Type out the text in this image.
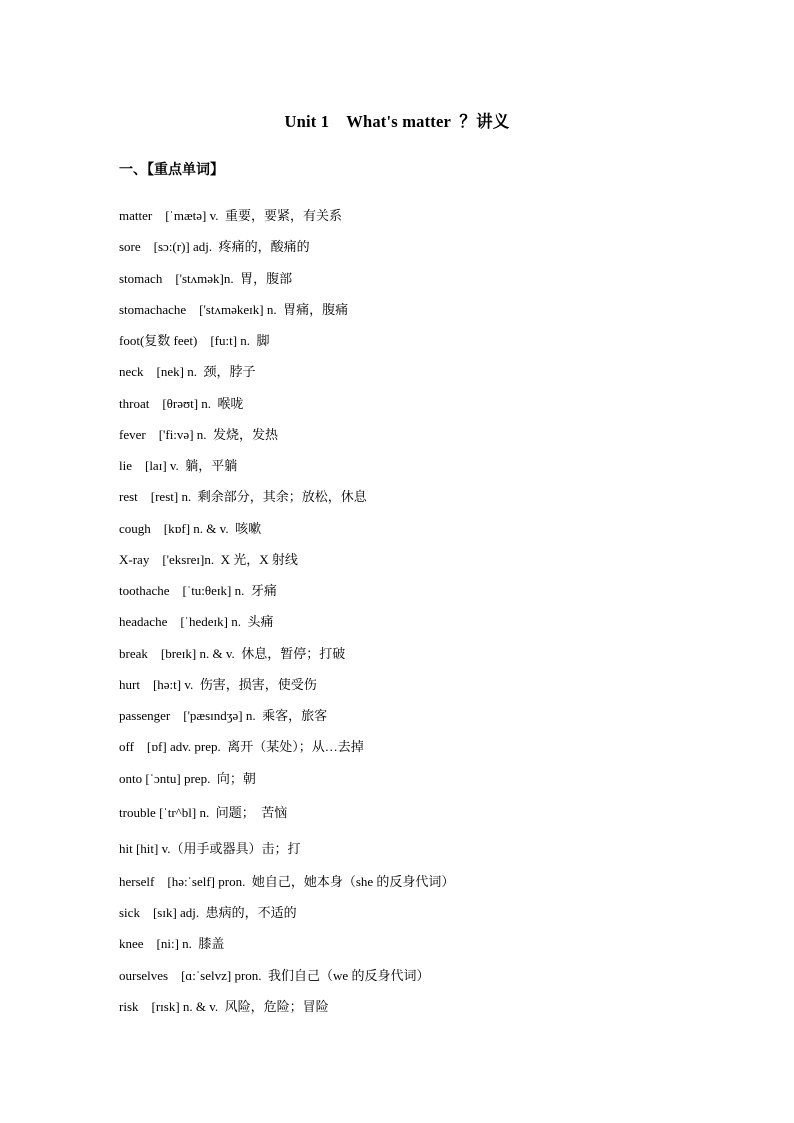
Unit 1    What's matter  ？讲义
一、【重点单词】
matter    [ˈmætə] v.  重要，要紧，有关系
sore    [sɔ:(r)] adj.  疼痛的，酸痛的
stomach    ['stʌmək]n.  胃，腹部
stomachache    ['stʌməkeɪk] n.  胃痛，腹痛
foot(复数 feet)    [fu:t] n.  脚
neck    [nek] n.  颈，脖子
throat    [θrəʊt] n.  喉咙
fever    ['fi:və] n.  发烧，发热
lie    [laɪ] v.  躺，平躺
rest    [rest] n.  剩余部分，其余；放松，休息
cough    [kɒf] n. & v.  咳嗽
X-ray    ['eksreɪ]n.  X 光，X 射线
toothache    [ˈtu:θeɪk] n.  牙痛
headache    [ˈhedeɪk] n.  头痛
break    [breɪk] n. & v.  休息，暂停；打破
hurt    [hə:t] v.  伤害，损害，使受伤
passenger    ['pæsɪndʒə] n.  乘客，旅客
off    [ɒf] adv. prep.  离开（某处）；从…去掉
onto [ˈɔntu] prep.  向；朝
trouble [ˈtr^bl] n.  问题；  苦恼
hit [hit] v.（用手或器具）击；打
herself    [hə:ˈself] pron.  她自己，她本身（she 的反身代词）
sick    [sɪk] adj.  患病的，不适的
knee    [ni:] n.  膝盖
ourselves    [ɑ:ˈselvz] pron.  我们自己（we 的反身代词）
risk    [rɪsk] n. & v.  风险，危险；冒险
